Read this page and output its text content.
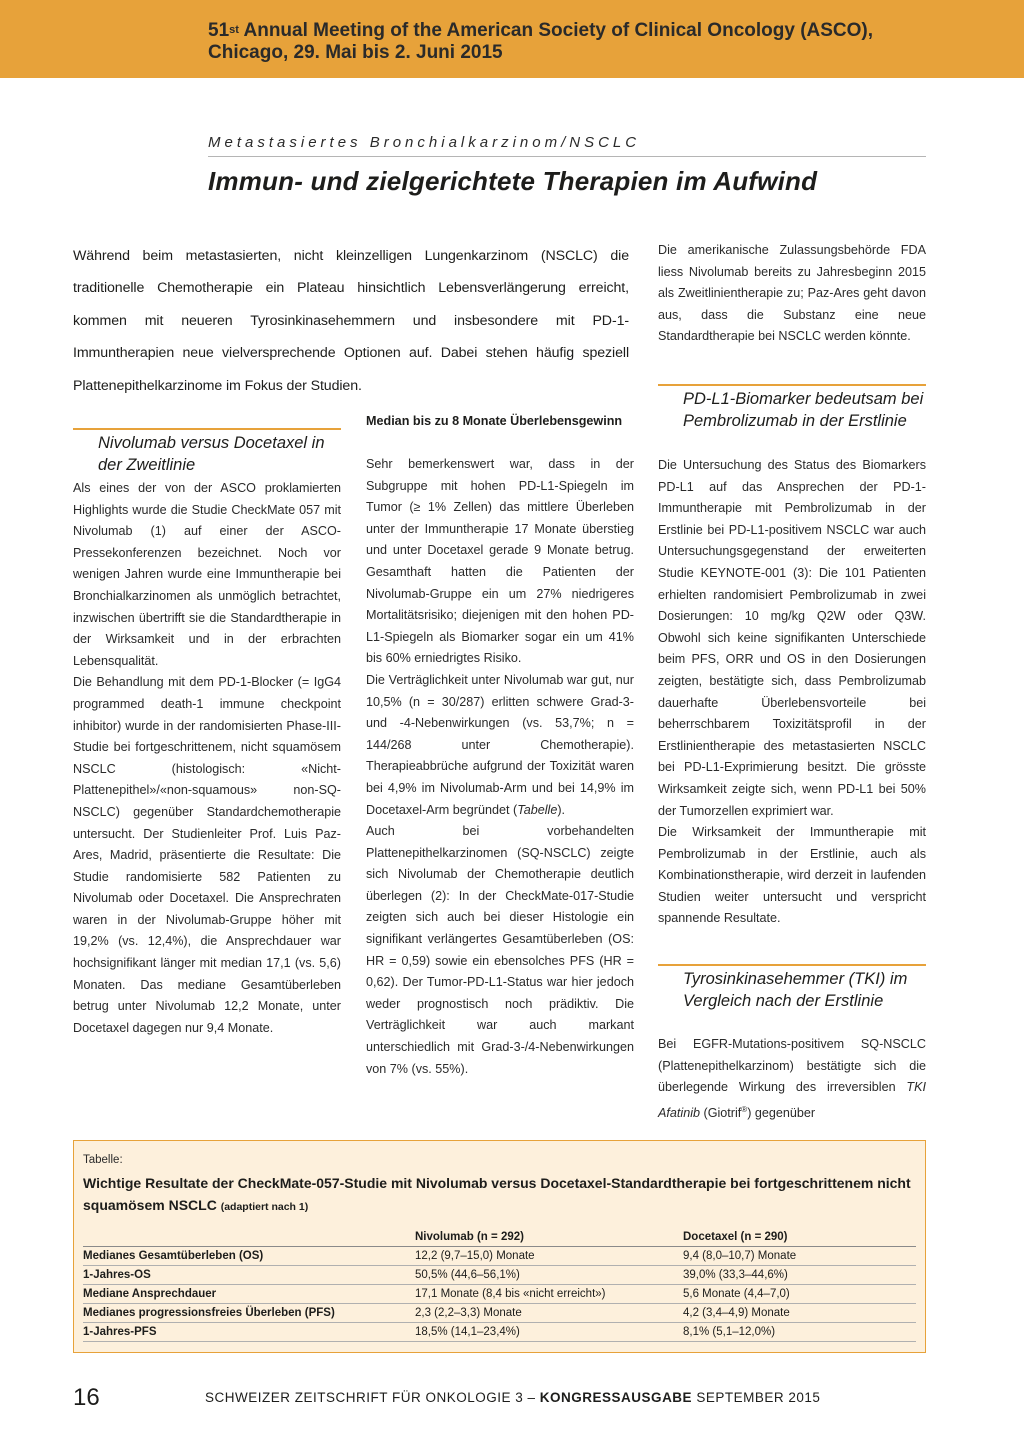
51st Annual Meeting of the American Society of Clinical Oncology (ASCO),
Chicago, 29. Mai bis 2. Juni 2015
Metastasiertes Bronchialkarzinom/NSCLC
Immun- und zielgerichtete Therapien im Aufwind
Während beim metastasierten, nicht kleinzelligen Lungenkarzinom (NSCLC) die traditionelle Chemotherapie ein Plateau hinsichtlich Lebensverlängerung erreicht, kommen mit neueren Tyrosinkinasehemmern und insbesondere mit PD-1-Immuntherapien neue vielversprechende Optionen auf. Dabei stehen häufig speziell Plattenepithelkarzinome im Fokus der Studien.
Nivolumab versus Docetaxel in der Zweitlinie

Als eines der von der ASCO proklamierten Highlights wurde die Studie CheckMate 057 mit Nivolumab (1) auf einer der ASCO-Pressekonferenzen bezeichnet. Noch vor wenigen Jahren wurde eine Immuntherapie bei Bronchialkarzinomen als unmöglich betrachtet, inzwischen übertrifft sie die Standardtherapie in der Wirksamkeit und in der erbrachten Lebensqualität.

Die Behandlung mit dem PD-1-Blocker (= IgG4 programmed death-1 immune checkpoint inhibitor) wurde in der randomisierten Phase-III-Studie bei fortgeschrittenem, nicht squamösem NSCLC (histologisch: «Nicht-Plattenepithel»/«non-squamous» non-SQ-NSCLC) gegenüber Standardchemotherapie untersucht. Der Studienleiter Prof. Luis Paz-Ares, Madrid, präsentierte die Resultate: Die Studie randomisierte 582 Patienten zu Nivolumab oder Docetaxel. Die Ansprechraten waren in der Nivolumab-Gruppe höher mit 19,2% (vs. 12,4%), die Ansprechdauer war hochsignifikant länger mit median 17,1 (vs. 5,6) Monaten. Das mediane Gesamtüberleben betrug unter Nivolumab 12,2 Monate, unter Docetaxel dagegen nur 9,4 Monate.

Median bis zu 8 Monate Überlebensgewinn

Sehr bemerkenswert war, dass in der Subgruppe mit hohen PD-L1-Spiegeln im Tumor (≥ 1% Zellen) das mittlere Überleben unter der Immuntherapie 17 Monate überstieg und unter Docetaxel gerade 9 Monate betrug. Gesamthaft hatten die Patienten der Nivolumab-Gruppe ein um 27% niedrigeres Mortalitätsrisiko; diejenigen mit den hohen PD-L1-Spiegeln als Biomarker sogar ein um 41% bis 60% erniedrigtes Risiko.

Die Verträglichkeit unter Nivolumab war gut, nur 10,5% (n = 30/287) erlitten schwere Grad-3- und -4-Nebenwirkungen (vs. 53,7%; n = 144/268 unter Chemotherapie). Therapieabbrüche aufgrund der Toxizität waren bei 4,9% im Nivolumab-Arm und bei 14,9% im Docetaxel-Arm begründet (Tabelle).

Auch bei vorbehandelten Plattenepithelkarzinomen (SQ-NSCLC) zeigte sich Nivolumab der Chemotherapie deutlich überlegen (2): In der CheckMate-017-Studie zeigten sich auch bei dieser Histologie ein signifikant verlängertes Gesamtüberleben (OS: HR = 0,59) sowie ein ebensolches PFS (HR = 0,62). Der Tumor-PD-L1-Status war hier jedoch weder prognostisch noch prädiktiv. Die Verträglichkeit war auch markant unterschiedlich mit Grad-3-/4-Nebenwirkungen von 7% (vs. 55%).

Die amerikanische Zulassungsbehörde FDA liess Nivolumab bereits zu Jahresbeginn 2015 als Zweitlinientherapie zu; Paz-Ares geht davon aus, dass die Substanz eine neue Standardtherapie bei NSCLC werden könnte.

PD-L1-Biomarker bedeutsam bei Pembrolizumab in der Erstlinie

Die Untersuchung des Status des Biomarkers PD-L1 auf das Ansprechen der PD-1-Immuntherapie mit Pembrolizumab in der Erstlinie bei PD-L1-positivem NSCLC war auch Untersuchungsgegenstand der erweiterten Studie KEYNOTE-001 (3): Die 101 Patienten erhielten randomisiert Pembrolizumab in zwei Dosierungen: 10 mg/kg Q2W oder Q3W. Obwohl sich keine signifikanten Unterschiede beim PFS, ORR und OS in den Dosierungen zeigten, bestätigte sich, dass Pembrolizumab dauerhafte Überlebensvorteile bei beherrschbarem Toxizitätsprofil in der Erstlinientherapie des metastasierten NSCLC bei PD-L1-Exprimierung besitzt. Die grösste Wirksamkeit zeigte sich, wenn PD-L1 bei 50% der Tumorzellen exprimiert war.

Die Wirksamkeit der Immuntherapie mit Pembrolizumab in der Erstlinie, auch als Kombinationstherapie, wird derzeit in laufenden Studien weiter untersucht und verspricht spannende Resultate.

Tyrosinkinasehemmer (TKI) im Vergleich nach der Erstlinie

Bei EGFR-Mutations-positivem SQ-NSCLC (Plattenepithelkarzinom) bestätigte sich die überlegende Wirkung des irreversiblen TKI Afatinib (Giotrif®) gegenüber

Tabelle:
Wichtige Resultate der CheckMate-057-Studie mit Nivolumab versus Docetaxel-Standardtherapie bei fortgeschrittenem nicht squamösem NSCLC (adaptiert nach 1)
	Nivolumab (n = 292)	Docetaxel (n = 290)
Medianes Gesamtüberleben (OS)	12,2 (9,7–15,0) Monate	9,4 (8,0–10,7) Monate
1-Jahres-OS	50,5% (44,6–56,1%)	39,0% (33,3–44,6%)
Mediane Ansprechdauer	17,1 Monate (8,4 bis «nicht erreicht»)	5,6 Monate (4,4–7,0)
Medianes progressionsfreies Überleben (PFS)	2,3 (2,2–3,3) Monate	4,2 (3,4–4,9) Monate
1-Jahres-PFS	18,5% (14,1–23,4%)	8,1% (5,1–12,0%)
16	SCHWEIZER ZEITSCHRIFT FÜR ONKOLOGIE 3 – KONGRESSAUSGABE SEPTEMBER 2015
